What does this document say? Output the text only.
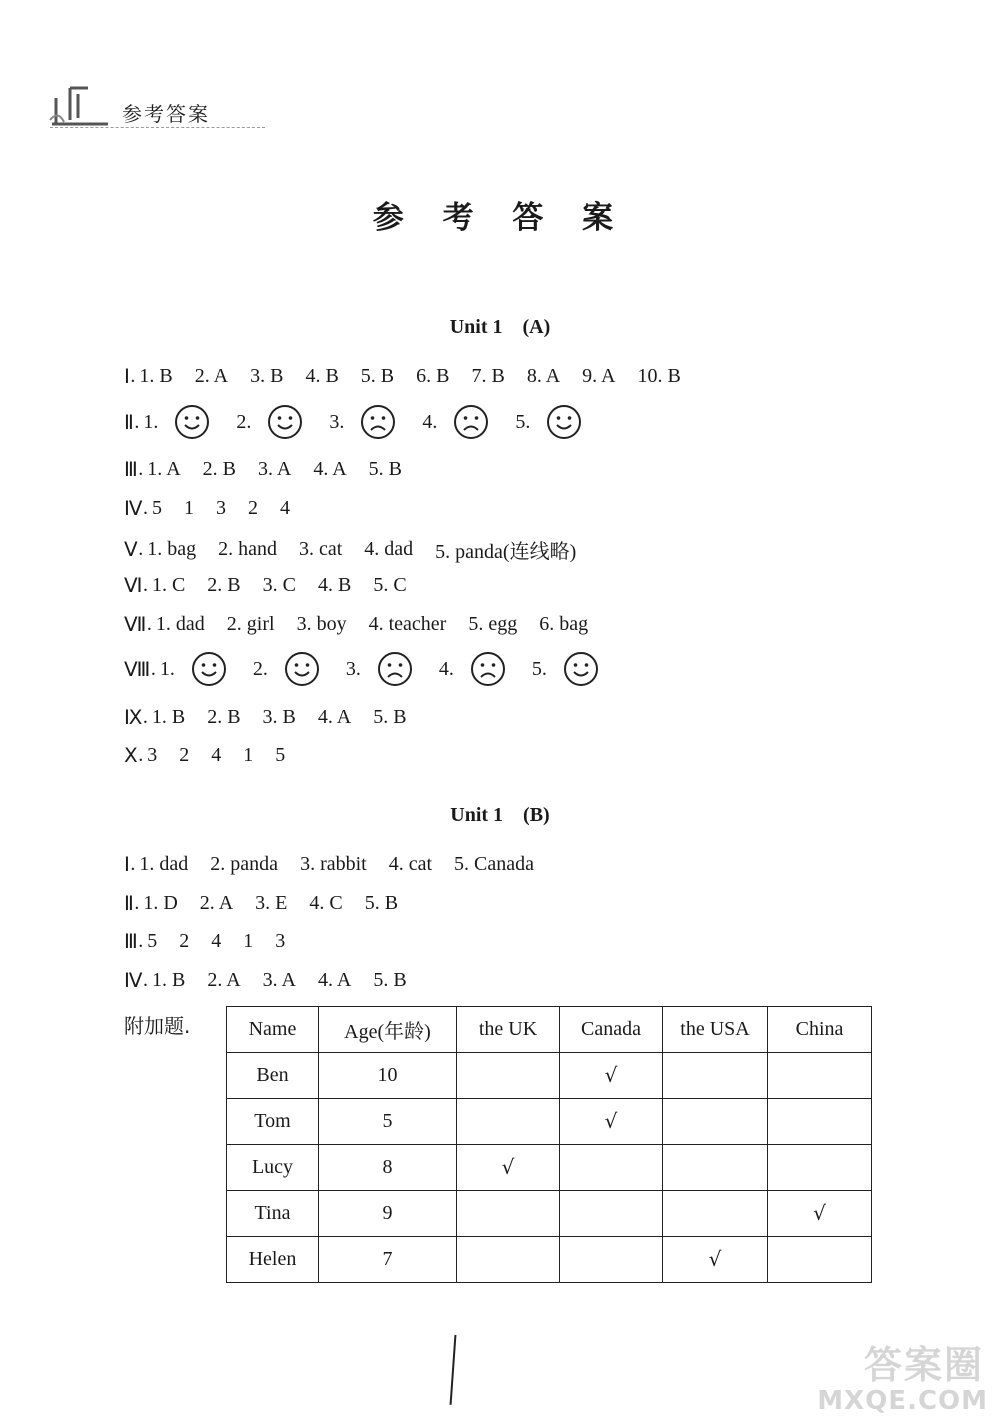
参考答案
参 考 答 案
Unit 1　(A)
Ⅰ . 1. B 2. A 3. B 4. B 5. B 6. B 7. B 8. A 9. A 10. B
Ⅱ . 1.	2.	3.	4.	5.
Ⅲ . 1. A 2. B 3. A 4. A 5. B
Ⅳ . 5 1 3 2 4
Ⅴ . 1. bag 2. hand 3. cat 4. dad 5. panda(连线略)
Ⅵ . 1. C 2. B 3. C 4. B 5. C
Ⅶ . 1. dad 2. girl 3. boy 4. teacher 5. egg 6. bag
Ⅷ . 1.	2.	3.	4.	5.
Ⅸ . 1. B 2. B 3. B 4. A 5. B
Ⅹ . 3 2 4 1 5
Unit 1　(B)
Ⅰ . 1. dad 2. panda 3. rabbit 4. cat 5. Canada
Ⅱ . 1. D 2. A 3. E 4. C 5. B
Ⅲ . 5 2 4 1 3
Ⅳ . 1. B 2. A 3. A 4. A 5. B
附加题.	Name	Age(年龄)	the UK	Canada	the USA	China
Ben	10		√		
Tom	5		√		
Lucy	8	√			
Tina	9				√
Helen	7			√	
答案圈
MXQE.COM
